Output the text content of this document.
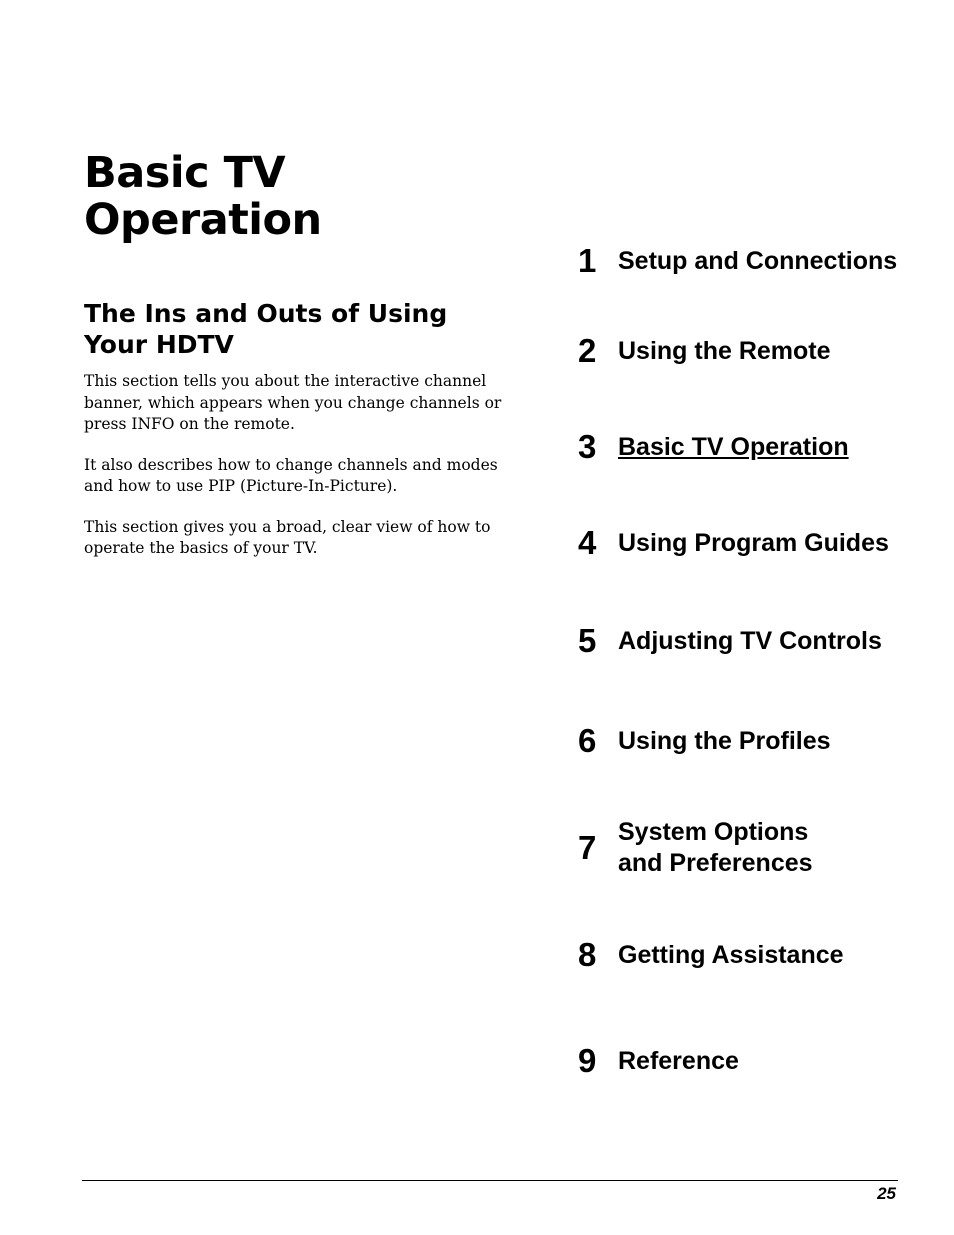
Basic TV
Operation
The Ins and Outs of Using
Your HDTV

This section tells you about the interactive channel banner, which appears when you change channels or press INFO on the remote.

It also describes how to change channels and modes and how to use PIP (Picture-In-Picture).

This section gives you a broad, clear view of how to operate the basics of your TV.

1 Setup and Connections
2 Using the Remote
3 Basic TV Operation
4 Using Program Guides
5 Adjusting TV Controls
6 Using the Profiles
7 System Options
and Preferences
8 Getting Assistance
9 Reference
25
